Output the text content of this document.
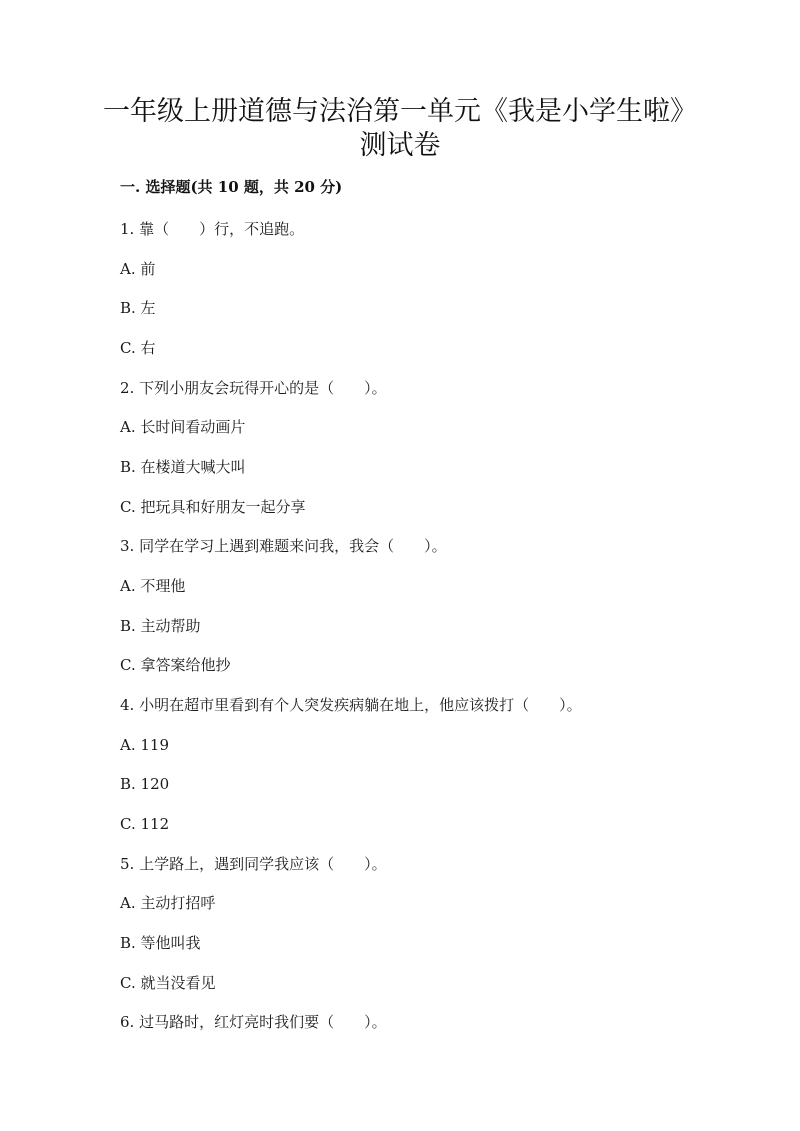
一年级上册道德与法治第一单元《我是小学生啦》
测试卷
一. 选择题(共 10 题，共 20 分)
1. 靠（　　）行，不追跑。
A. 前
B. 左
C. 右
2. 下列小朋友会玩得开心的是（　　）。
A. 长时间看动画片
B. 在楼道大喊大叫
C. 把玩具和好朋友一起分享
3. 同学在学习上遇到难题来问我，我会（　　）。
A. 不理他
B. 主动帮助
C. 拿答案给他抄
4. 小明在超市里看到有个人突发疾病躺在地上，他应该拨打（　　）。
A. 119
B. 120
C. 112
5. 上学路上，遇到同学我应该（　　）。
A. 主动打招呼
B. 等他叫我
C. 就当没看见
6. 过马路时，红灯亮时我们要（　　）。
